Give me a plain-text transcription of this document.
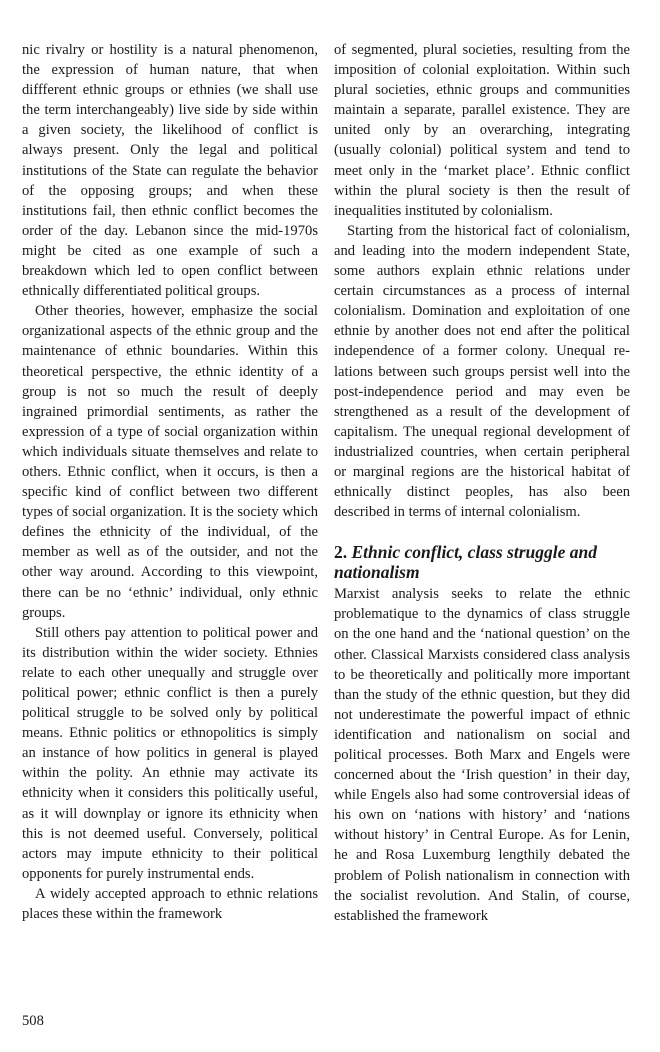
nic rivalry or hostility is a natural phenomenon, the expression of human nature, that when diffferent ethnic groups or ethnies (we shall use the term interchangeably) live side by side within a given society, the likelihood of conflict is always present. Only the legal and political institutions of the State can regulate the behavior of the opposing groups; and when these institutions fail, then ethnic conflict becomes the order of the day. Lebanon since the mid-1970s might be cited as one example of such a breakdown which led to open conflict between ethnically differentiated political groups.

Other theories, however, emphasize the social organizational aspects of the ethnic group and the maintenance of ethnic boundaries. Within this theoretical perspective, the ethnic identity of a group is not so much the result of deeply ingrained primordial sentiments, as rather the expression of a type of social organization within which individuals situate themselves and relate to others. Ethnic conflict, when it occurs, is then a specific kind of conflict between two different types of social organization. It is the society which defines the ethnicity of the individual, of the member as well as of the outsider, and not the other way around. According to this viewpoint, there can be no ‘ethnic’ individual, only ethnic groups.

Still others pay attention to political power and its distribution within the wider society. Ethnies relate to each other unequally and struggle over political power; ethnic conflict is then a purely political struggle to be solved only by political means. Ethnic politics or ethnopolitics is simply an instance of how politics in general is played within the polity. An ethnie may activate its ethnicity when it considers this politically useful, as it will downplay or ignore its ethnicity when this is not deemed useful. Conversely, political actors may impute ethnicity to their political opponents for purely instrumental ends.

A widely accepted approach to ethnic relations places these within the framework

of segmented, plural societies, resulting from the imposition of colonial exploitation. Within such plural societies, ethnic groups and communities maintain a separate, parallel existence. They are united only by an overarching, integrating (usually colonial) political system and tend to meet only in the ‘market place’. Ethnic conflict within the plural society is then the result of inequalities instituted by colonialism.

Starting from the historical fact of colonialism, and leading into the modern independent State, some authors explain ethnic relations under certain circumstances as a process of internal colonialism. Domination and exploitation of one ethnie by another does not end after the political independence of a former colony. Unequal relations between such groups persist well into the post-independence period and may even be strengthened as a result of the development of capitalism. The unequal regional development of industrialized countries, when certain peripheral or marginal regions are the historical habitat of ethnically distinct peoples, has also been described in terms of internal colonialism.

2. Ethnic conflict, class struggle and nationalism

Marxist analysis seeks to relate the ethnic problematique to the dynamics of class struggle on the one hand and the ‘national question’ on the other. Classical Marxists considered class analysis to be theoretically and politically more important than the study of the ethnic question, but they did not underestimate the powerful impact of ethnic identification and nationalism on social and political processes. Both Marx and Engels were concerned about the ‘Irish question’ in their day, while Engels also had some controversial ideas of his own on ‘nations with history’ and ‘nations without history’ in Central Europe. As for Lenin, he and Rosa Luxemburg lengthily debated the problem of Polish nationalism in connection with the socialist revolution. And Stalin, of course, established the framework

508
